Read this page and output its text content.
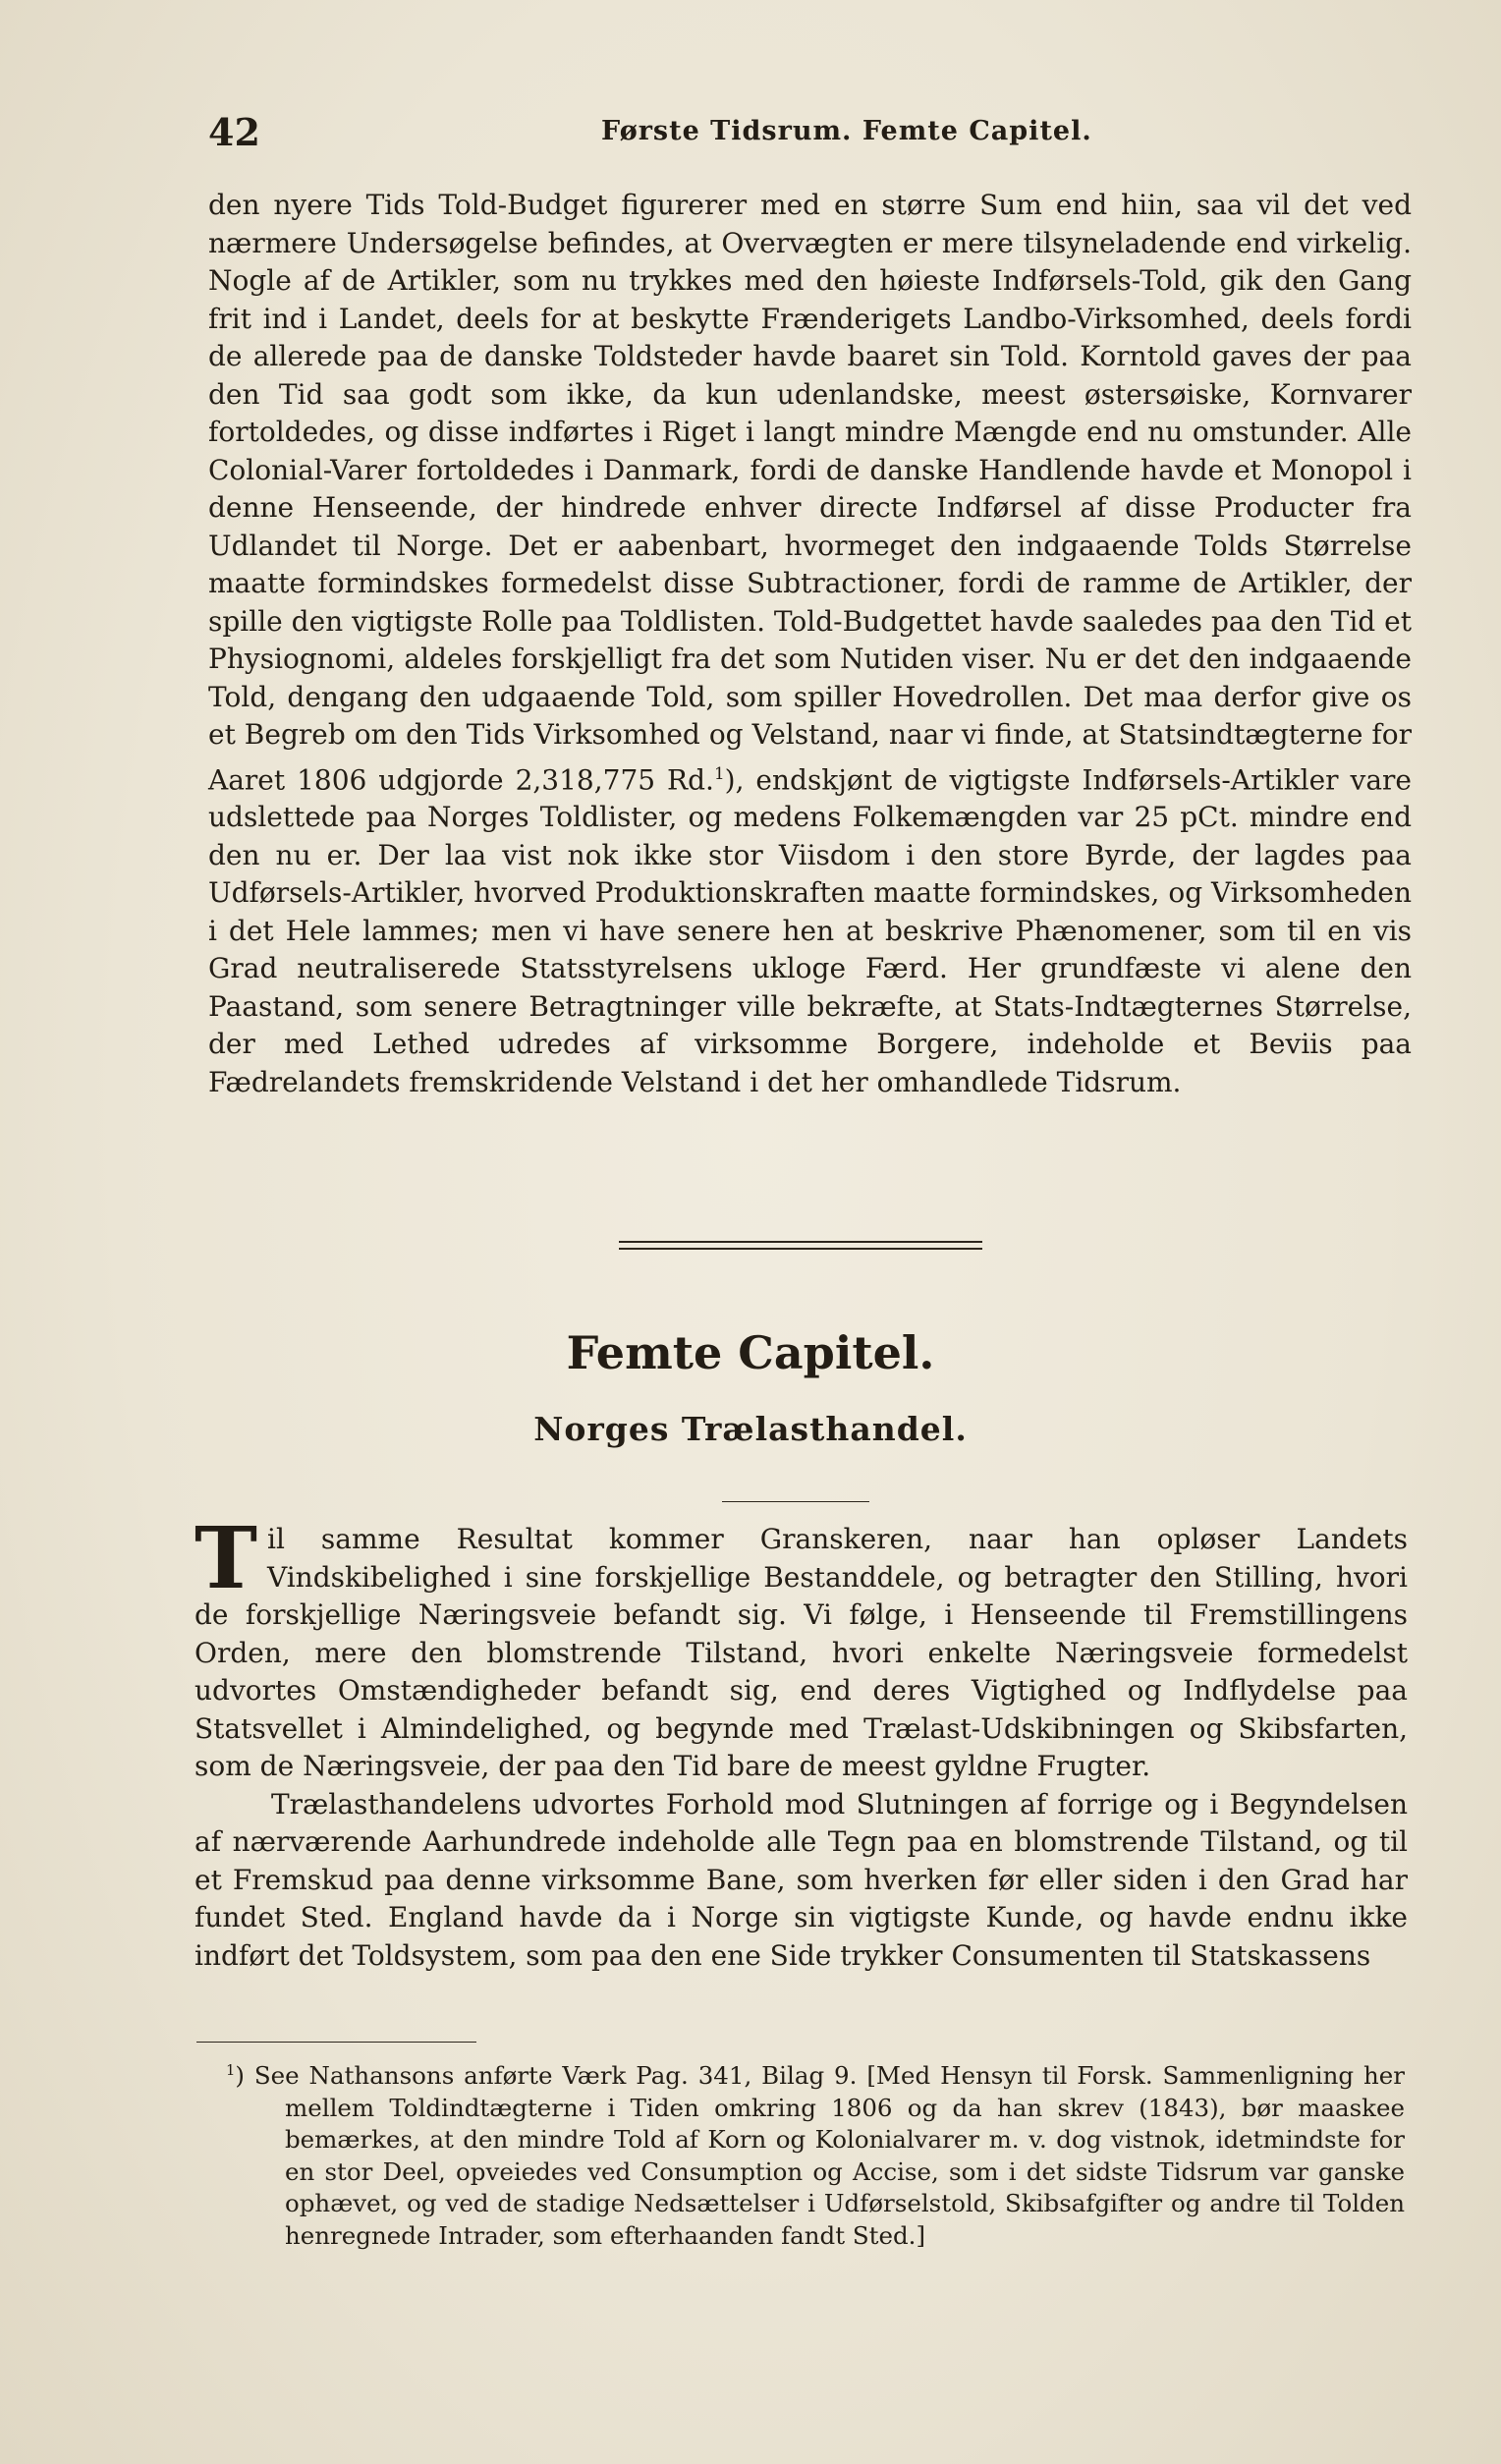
42	Første Tidsrum. Femte Capitel.

den nyere Tids Told-Budget figurerer med en større Sum end hiin, saa vil det ved nærmere Undersøgelse befindes, at Overvægten er mere tilsyneladende end virkelig. Nogle af de Artikler, som nu trykkes med den høieste Indførsels-Told, gik den Gang frit ind i Landet, deels for at beskytte Frænderigets Landbo-Virksomhed, deels fordi de allerede paa de danske Toldsteder havde baaret sin Told. Korntold gaves der paa den Tid saa godt som ikke, da kun udenlandske, meest østersøiske, Kornvarer fortoldedes, og disse indførtes i Riget i langt mindre Mængde end nu omstunder. Alle Colonial-Varer fortoldedes i Danmark, fordi de danske Handlende havde et Monopol i denne Henseende, der hindrede enhver directe Indførsel af disse Producter fra Udlandet til Norge. Det er aabenbart, hvormeget den indgaaende Tolds Størrelse maatte formindskes formedelst disse Subtractioner, fordi de ramme de Artikler, der spille den vigtigste Rolle paa Toldlisten. Told-Budgettet havde saaledes paa den Tid et Physiognomi, aldeles forskjelligt fra det som Nutiden viser. Nu er det den indgaaende Told, dengang den udgaaende Told, som spiller Hovedrollen. Det maa derfor give os et Begreb om den Tids Virksomhed og Velstand, naar vi finde, at Statsindtægterne for Aaret 1806 udgjorde 2,318,775 Rd.$^1$), endskjønt de vigtigste Indførsels-Artikler vare udslettede paa Norges Toldlister, og medens Folkemængden var 25 pCt. mindre end den nu er. Der laa vist nok ikke stor Viisdom i den store Byrde, der lagdes paa Udførsels-Artikler, hvorved Produktionskraften maatte formindskes, og Virksomheden i det Hele lammes; men vi have senere hen at beskrive Phænomener, som til en vis Grad neutraliserede Statsstyrelsens ukloge Færd. Her grundfæste vi alene den Paastand, som senere Betragtninger ville bekræfte, at Stats-Indtægternes Størrelse, der med Lethed udredes af virksomme Borgere, indeholde et Beviis paa Fædrelandets fremskridende Velstand i det her omhandlede Tidsrum.

Femte Capitel.
Norges Trælasthandel.

Til samme Resultat kommer Granskeren, naar han opløser Landets Vindskibelighed i sine forskjellige Bestanddele, og betragter den Stilling, hvori de forskjellige Næringsveie befandt sig. Vi følge, i Henseende til Fremstillingens Orden, mere den blomstrende Tilstand, hvori enkelte Næringsveie formedelst udvortes Omstændigheder befandt sig, end deres Vigtighed og Indflydelse paa Statsvellet i Almindelighed, og begynde med Trælast-Udskibningen og Skibsfarten, som de Næringsveie, der paa den Tid bare de meest gyldne Frugter.

Trælasthandelens udvortes Forhold mod Slutningen af forrige og i Begyndelsen af nærværende Aarhundrede indeholde alle Tegn paa en blomstrende Tilstand, og til et Fremskud paa denne virksomme Bane, som hverken før eller siden i den Grad har fundet Sted. England havde da i Norge sin vigtigste Kunde, og havde endnu ikke indført det Toldsystem, som paa den ene Side trykker Consumenten til Statskassens

$^1$) See Nathansons anførte Værk Pag. 341, Bilag 9. [Med Hensyn til Forsk. Sammenligning her mellem Toldindtægterne i Tiden omkring 1806 og da han skrev (1843), bør maaskee bemærkes, at den mindre Told af Korn og Kolonialvarer m. v. dog vistnok, idetmindste for en stor Deel, opveiedes ved Consumption og Accise, som i det sidste Tidsrum var ganske ophævet, og ved de stadige Nedsættelser i Udførselstold, Skibsafgifter og andre til Tolden henregnede Intrader, som efterhaanden fandt Sted.]
